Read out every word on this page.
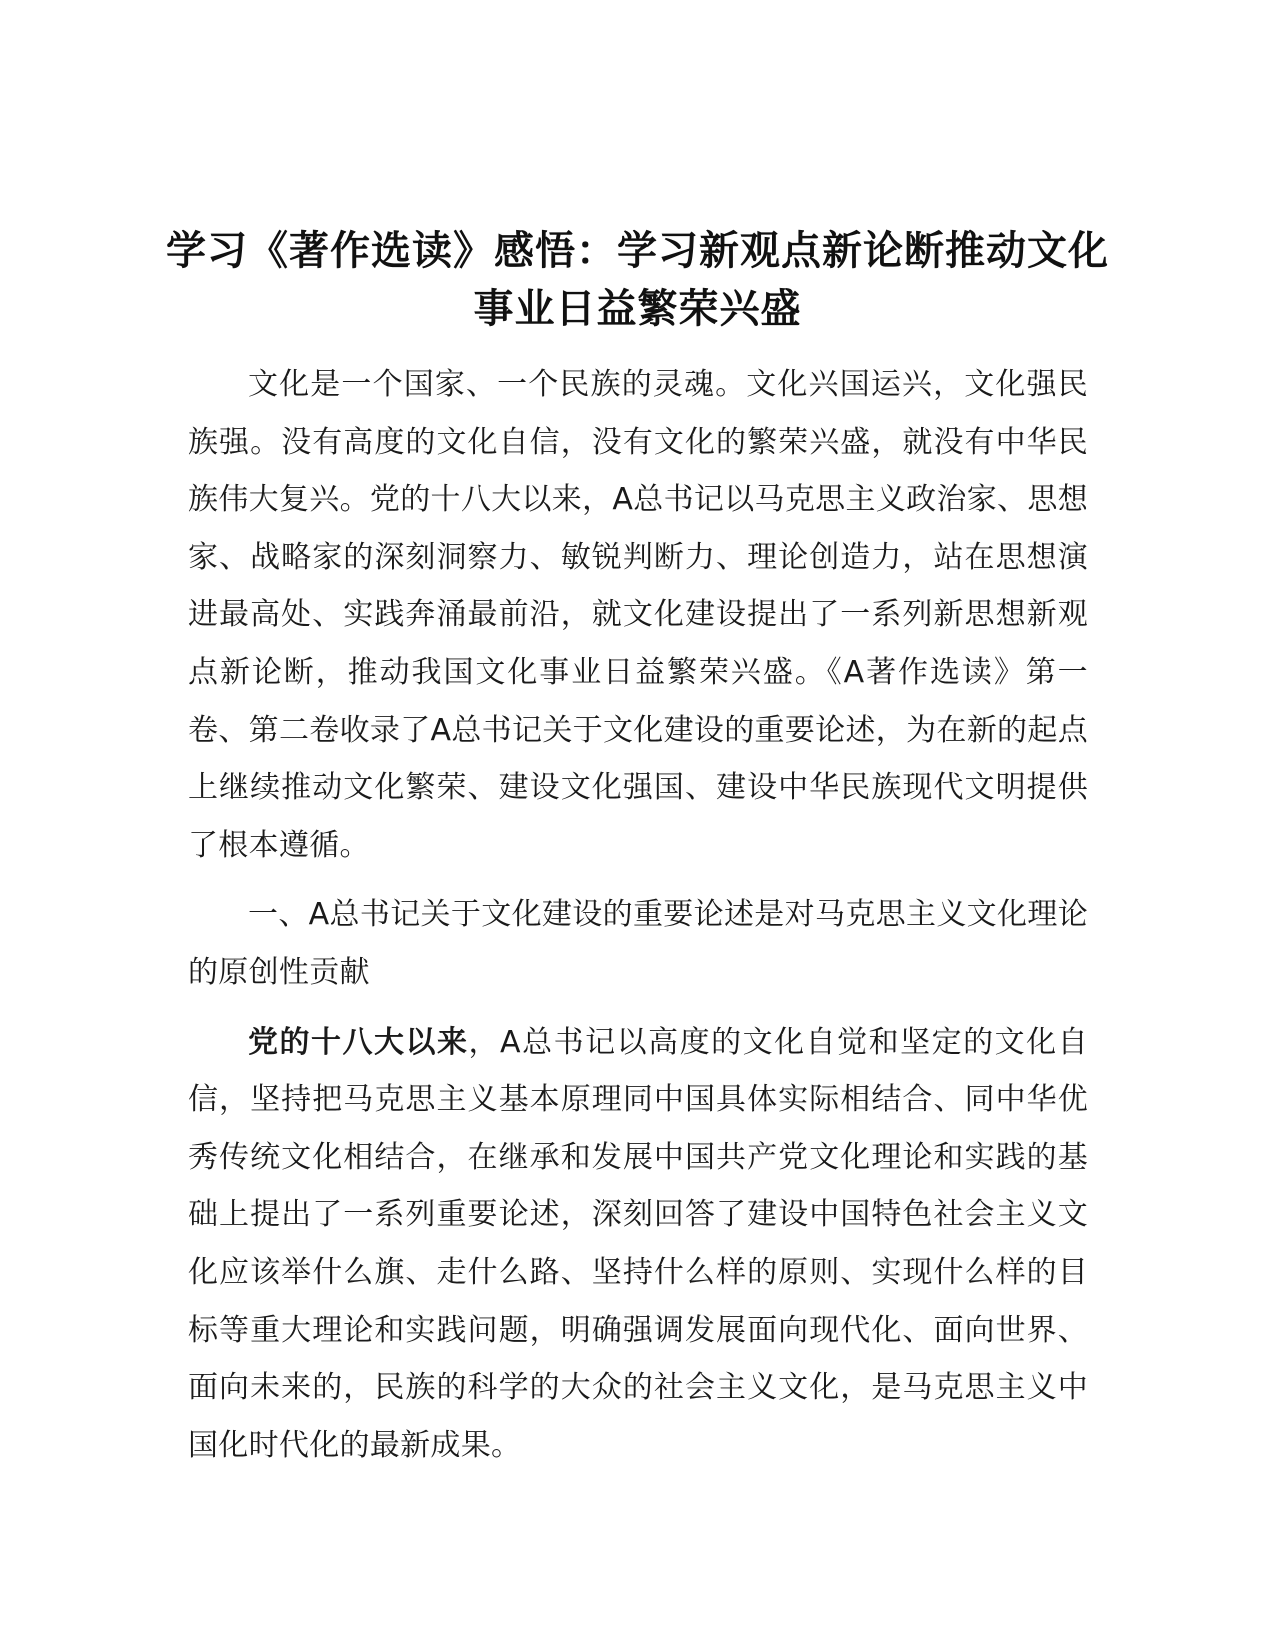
学习《著作选读》感悟：学习新观点新论断推动文化事业日益繁荣兴盛

文化是一个国家、一个民族的灵魂。文化兴国运兴，文化强民族强。没有高度的文化自信，没有文化的繁荣兴盛，就没有中华民族伟大复兴。党的十八大以来，A总书记以马克思主义政治家、思想家、战略家的深刻洞察力、敏锐判断力、理论创造力，站在思想演进最高处、实践奔涌最前沿，就文化建设提出了一系列新思想新观点新论断，推动我国文化事业日益繁荣兴盛。《A著作选读》第一卷、第二卷收录了A总书记关于文化建设的重要论述，为在新的起点上继续推动文化繁荣、建设文化强国、建设中华民族现代文明提供了根本遵循。

一、A总书记关于文化建设的重要论述是对马克思主义文化理论的原创性贡献

党的十八大以来，A总书记以高度的文化自觉和坚定的文化自信，坚持把马克思主义基本原理同中国具体实际相结合、同中华优秀传统文化相结合，在继承和发展中国共产党文化理论和实践的基础上提出了一系列重要论述，深刻回答了建设中国特色社会主义文化应该举什么旗、走什么路、坚持什么样的原则、实现什么样的目标等重大理论和实践问题，明确强调发展面向现代化、面向世界、面向未来的，民族的科学的大众的社会主义文化，是马克思主义中国化时代化的最新成果。
